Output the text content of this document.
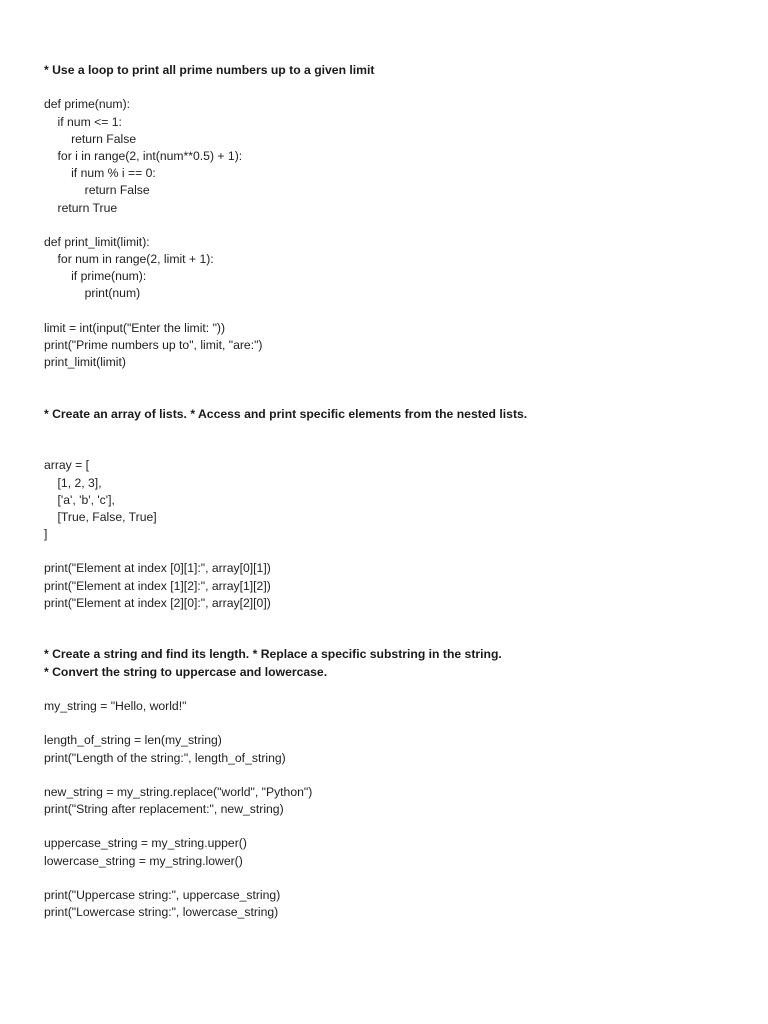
* Use a loop to print all prime numbers up to a given limit
def prime(num):
if num <= 1:
return False
for i in range(2, int(num**0.5) + 1):
if num % i == 0:
return False
return True
def print_limit(limit):
for num in range(2, limit + 1):
if prime(num):
print(num)
limit = int(input("Enter the limit: "))
print("Prime numbers up to", limit, "are:")
print_limit(limit)
* Create an array of lists. * Access and print specific elements from the nested lists.
array = [
[1, 2, 3],
['a', 'b', 'c'],
[True, False, True]
]
print("Element at index [0][1]:", array[0][1])
print("Element at index [1][2]:", array[1][2])
print("Element at index [2][0]:", array[2][0])
* Create a string and find its length. * Replace a specific substring in the string.
* Convert the string to uppercase and lowercase.
my_string = "Hello, world!"
length_of_string = len(my_string)
print("Length of the string:", length_of_string)
new_string = my_string.replace("world", "Python")
print("String after replacement:", new_string)
uppercase_string = my_string.upper()
lowercase_string = my_string.lower()
print("Uppercase string:", uppercase_string)
print("Lowercase string:", lowercase_string)
